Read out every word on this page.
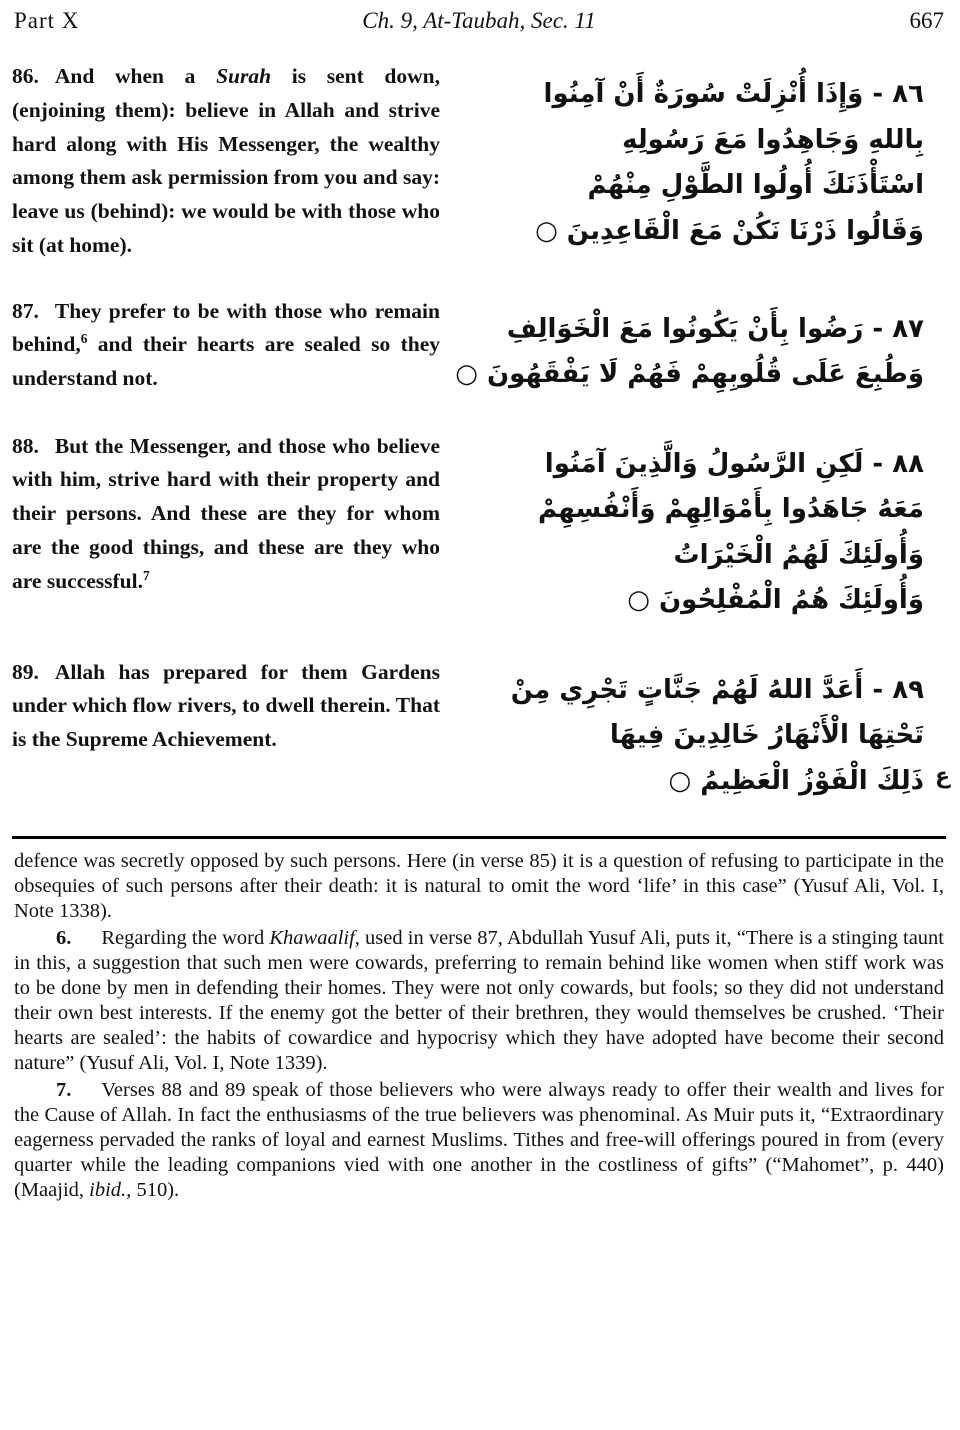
Part X	Ch. 9, At-Taubah, Sec. 11	667

86. And when a Surah is sent down, (enjoining them): believe in Allah and strive hard along with His Messenger, the wealthy among them ask permission from you and say: leave us (behind): we would be with those who sit (at home).

٨٦ - وَإِذَا أُنْزِلَتْ سُورَةٌ أَنْ آمِنُوا
بِاللهِ وَجَاهِدُوا مَعَ رَسُولِهِ
اسْتَأْذَنَكَ أُولُوا الطَّوْلِ مِنْهُمْ
وَقَالُوا ذَرْنَا نَكُنْ مَعَ الْقَاعِدِينَ ○

87. They prefer to be with those who remain behind,$^6$ and their hearts are sealed so they understand not.

٨٧ - رَضُوا بِأَنْ يَكُونُوا مَعَ الْخَوَالِفِ
وَطُبِعَ عَلَى قُلُوبِهِمْ فَهُمْ لَا يَفْقَهُونَ ○

88. But the Messenger, and those who believe with him, strive hard with their property and their persons. And these are they for whom are the good things, and these are they who are successful.$^7$

٨٨ - لَكِنِ الرَّسُولُ وَالَّذِينَ آمَنُوا
مَعَهُ جَاهَدُوا بِأَمْوَالِهِمْ وَأَنْفُسِهِمْ
وَأُولَئِكَ لَهُمُ الْخَيْرَاتُ
وَأُولَئِكَ هُمُ الْمُفْلِحُونَ ○

89. Allah has prepared for them Gardens under which flow rivers, to dwell therein. That is the Supreme Achievement.

٨٩ - أَعَدَّ اللهُ لَهُمْ جَنَّاتٍ تَجْرِي مِنْ
تَحْتِهَا الْأَنْهَارُ خَالِدِينَ فِيهَا
ذَلِكَ الْفَوْزُ الْعَظِيمُ ○ ع

defence was secretly opposed by such persons. Here (in verse 85) it is a question of refusing to participate in the obsequies of such persons after their death: it is natural to omit the word ‘life’ in this case” (Yusuf Ali, Vol. I, Note 1338).

6. Regarding the word Khawaalif, used in verse 87, Abdullah Yusuf Ali, puts it, “There is a stinging taunt in this, a suggestion that such men were cowards, preferring to remain behind like women when stiff work was to be done by men in defending their homes. They were not only cowards, but fools; so they did not understand their own best interests. If the enemy got the better of their brethren, they would themselves be crushed. ‘Their hearts are sealed’: the habits of cowardice and hypocrisy which they have adopted have become their second nature” (Yusuf Ali, Vol. I, Note 1339).

7. Verses 88 and 89 speak of those believers who were always ready to offer their wealth and lives for the Cause of Allah. In fact the enthusiasms of the true believers was phenominal. As Muir puts it, “Extraordinary eagerness pervaded the ranks of loyal and earnest Muslims. Tithes and free-will offerings poured in from (every quarter while the leading companions vied with one another in the costliness of gifts” (“Mahomet”, p. 440) (Maajid, ibid., 510).
